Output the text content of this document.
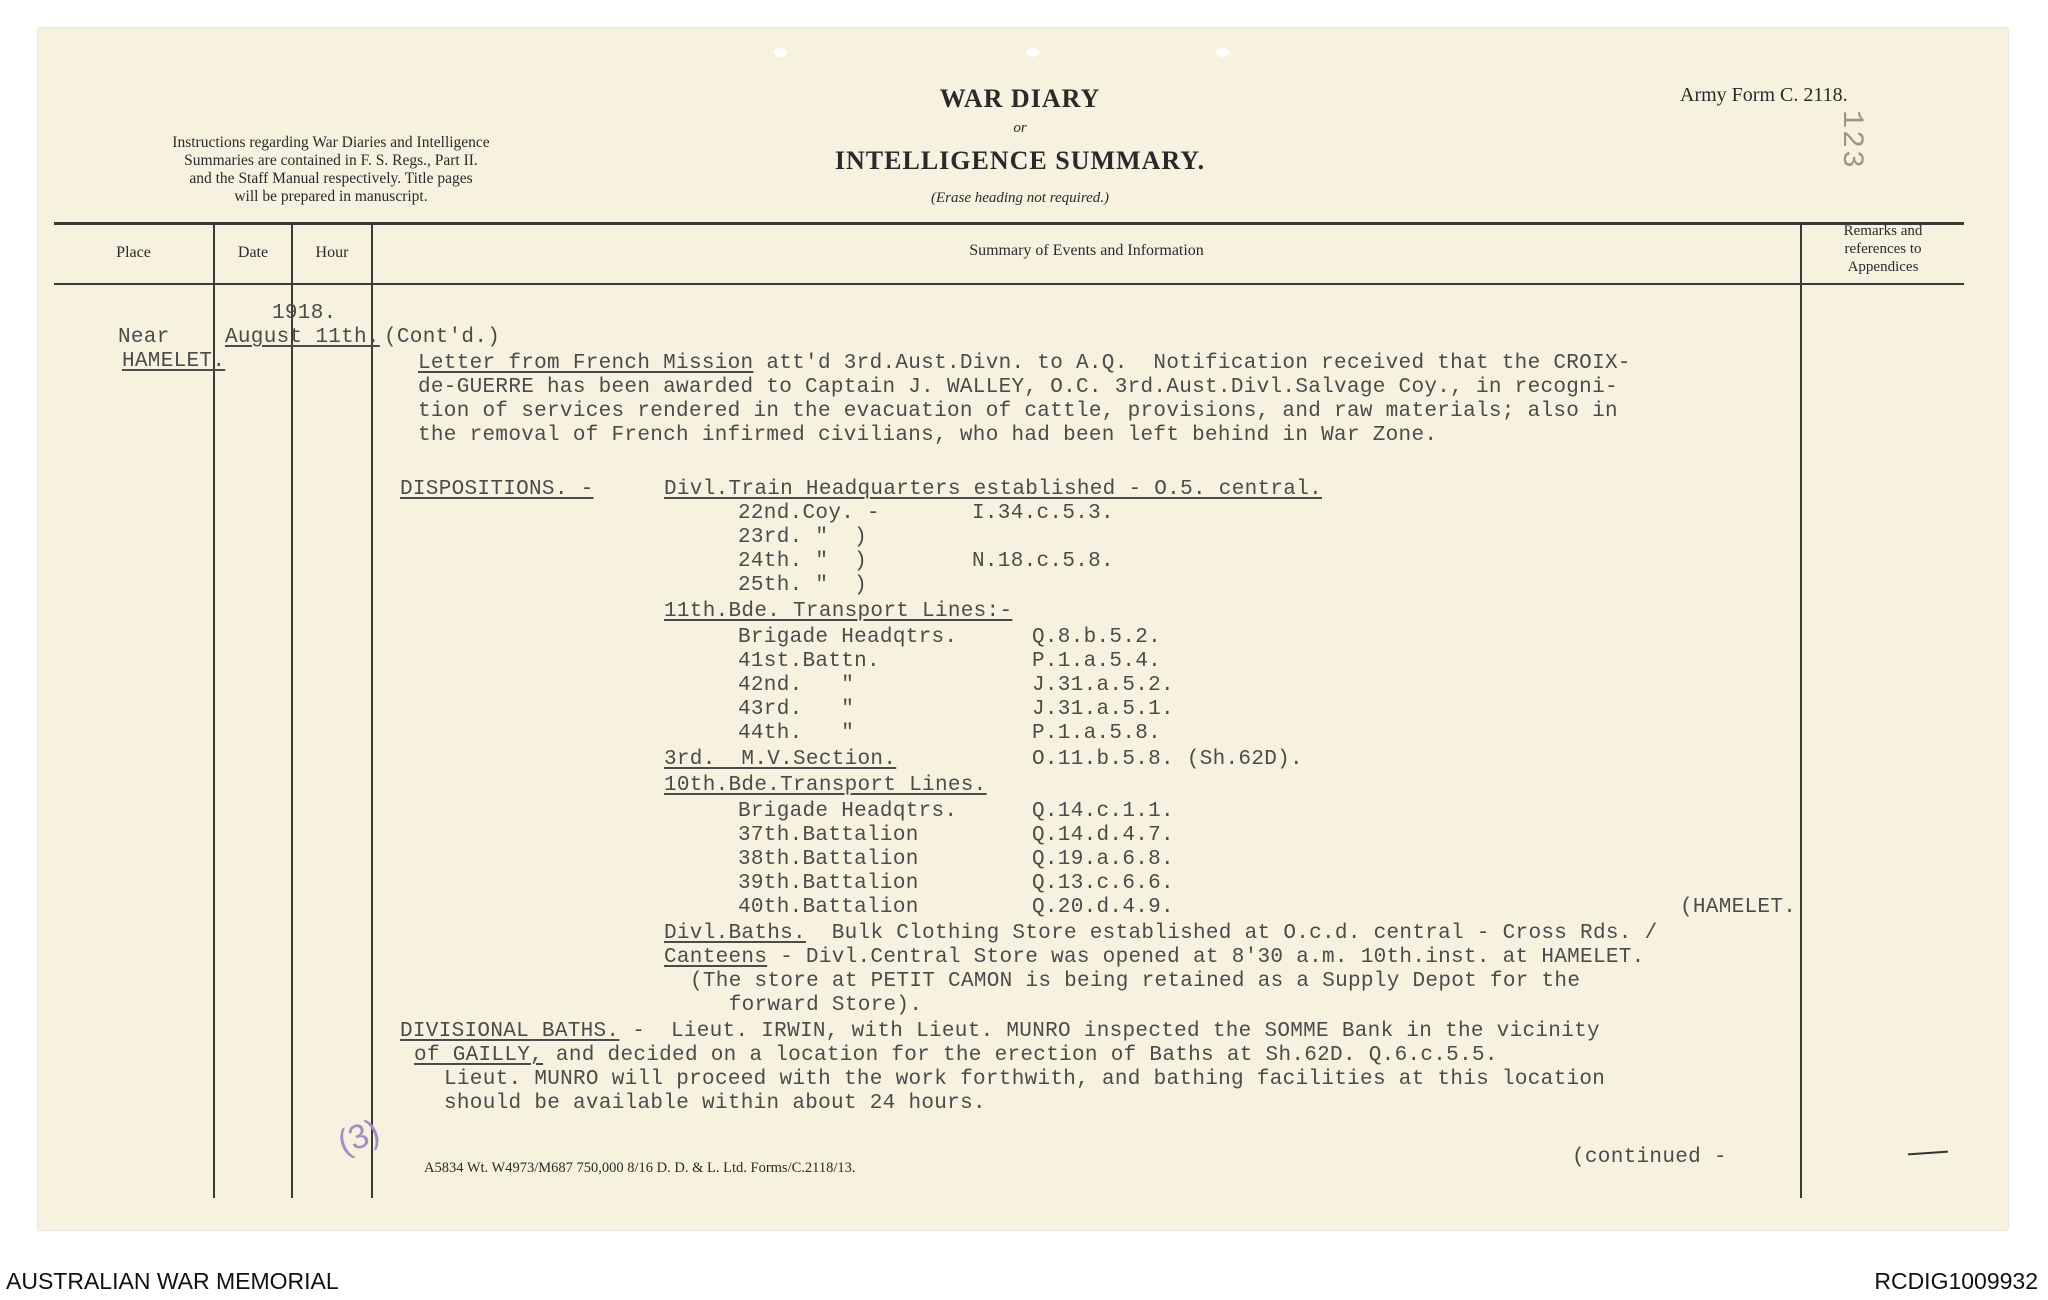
Instructions regarding War Diaries and Intelligence
Summaries are contained in F. S. Regs., Part II.
and the Staff Manual respectively. Title pages
will be prepared in manuscript.
WAR DIARY
or
INTELLIGENCE SUMMARY.
(Erase heading not required.)
Army Form C. 2118.
123
Place	Date	Hour	Summary of Events and Information
Remarks and
references to
Appendices
1918.
Near
HAMELET.
August 11th. (Cont'd.)
Letter from French Mission att'd 3rd.Aust.Divn. to A.Q.  Notification received that the CROIX-
de-GUERRE has been awarded to Captain J. WALLEY, O.C. 3rd.Aust.Divl.Salvage Coy., in recogni-
tion of services rendered in the evacuation of cattle, provisions, and raw materials; also in
the removal of French infirmed civilians, who had been left behind in War Zone.
DISPOSITIONS. -	Divl.Train Headquarters established - O.5. central.
22nd.Coy. -	I.34.c.5.3.
23rd. "  )
24th. "  )	N.18.c.5.8.
25th. "  )
11th.Bde. Transport Lines:-
Brigade Headqtrs.	Q.8.b.5.2.
41st.Battn.	P.1.a.5.4.
42nd.   "	J.31.a.5.2.
43rd.   "	J.31.a.5.1.
44th.   "	P.1.a.5.8.
3rd.  M.V.Section.	O.11.b.5.8. (Sh.62D).
10th.Bde.Transport Lines.
Brigade Headqtrs.	Q.14.c.1.1.
37th.Battalion	Q.14.d.4.7.
38th.Battalion	Q.19.a.6.8.
39th.Battalion	Q.13.c.6.6.
40th.Battalion	Q.20.d.4.9.	(HAMELET.
Divl.Baths.  Bulk Clothing Store established at O.c.d. central - Cross Rds. /
Canteens - Divl.Central Store was opened at 8'30 a.m. 10th.inst. at HAMELET.
(The store at PETIT CAMON is being retained as a Supply Depot for the
forward Store).
DIVISIONAL BATHS. -  Lieut. IRWIN, with Lieut. MUNRO inspected the SOMME Bank in the vicinity
of GAILLY, and decided on a location for the erection of Baths at Sh.62D. Q.6.c.5.5.
Lieut. MUNRO will proceed with the work forthwith, and bathing facilities at this location
should be available within about 24 hours.
(continued -
A5834 Wt. W4973/M687 750,000 8/16 D. D. & L. Ltd. Forms/C.2118/13.
(3)
AUSTRALIAN WAR MEMORIAL	RCDIG1009932
